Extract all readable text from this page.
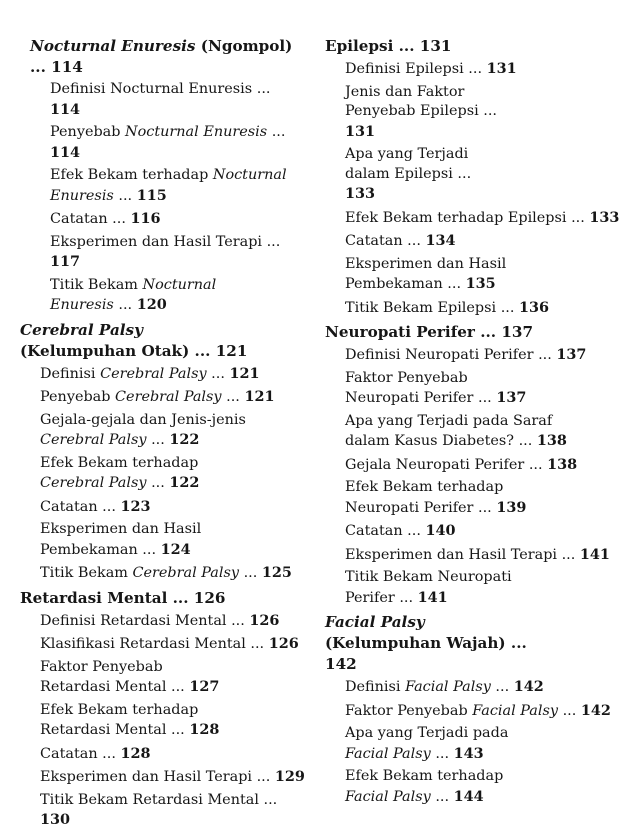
Nocturnal Enuresis (Ngompol) ... 114
Definisi Nocturnal Enuresis ... 114
Penyebab Nocturnal Enuresis ... 114
Efek Bekam terhadap Nocturnal Enuresis ... 115
Catatan ... 116
Eksperimen dan Hasil Terapi ... 117
Titik Bekam Nocturnal Enuresis ... 120
Cerebral Palsy (Kelumpuhan Otak) ... 121
Definisi Cerebral Palsy ... 121
Penyebab Cerebral Palsy ... 121
Gejala-gejala dan Jenis-jenis Cerebral Palsy ... 122
Efek Bekam terhadap Cerebral Palsy ... 122
Catatan ... 123
Eksperimen dan Hasil Pembekaman ... 124
Titik Bekam Cerebral Palsy ... 125
Retardasi Mental ... 126
Definisi Retardasi Mental ... 126
Klasifikasi Retardasi Mental ... 126
Faktor Penyebab Retardasi Mental ... 127
Efek Bekam terhadap Retardasi Mental ... 128
Catatan ... 128
Eksperimen dan Hasil Terapi ... 129
Titik Bekam Retardasi Mental ... 130
Epilepsi ... 131
Definisi Epilepsi ... 131
Jenis dan Faktor Penyebab Epilepsi ... 131
Apa yang Terjadi dalam Epilepsi ... 133
Efek Bekam terhadap Epilepsi ... 133
Catatan ... 134
Eksperimen dan Hasil Pembekaman ... 135
Titik Bekam Epilepsi ... 136
Neuropati Perifer ... 137
Definisi Neuropati Perifer ... 137
Faktor Penyebab Neuropati Perifer ... 137
Apa yang Terjadi pada Saraf dalam Kasus Diabetes? ... 138
Gejala Neuropati Perifer ... 138
Efek Bekam terhadap Neuropati Perifer ... 139
Catatan ... 140
Eksperimen dan Hasil Terapi ... 141
Titik Bekam Neuropati Perifer ... 141
Facial Palsy (Kelumpuhan Wajah) ... 142
Definisi Facial Palsy ... 142
Faktor Penyebab Facial Palsy ... 142
Apa yang Terjadi pada Facial Palsy ... 143
Efek Bekam terhadap Facial Palsy ... 144
